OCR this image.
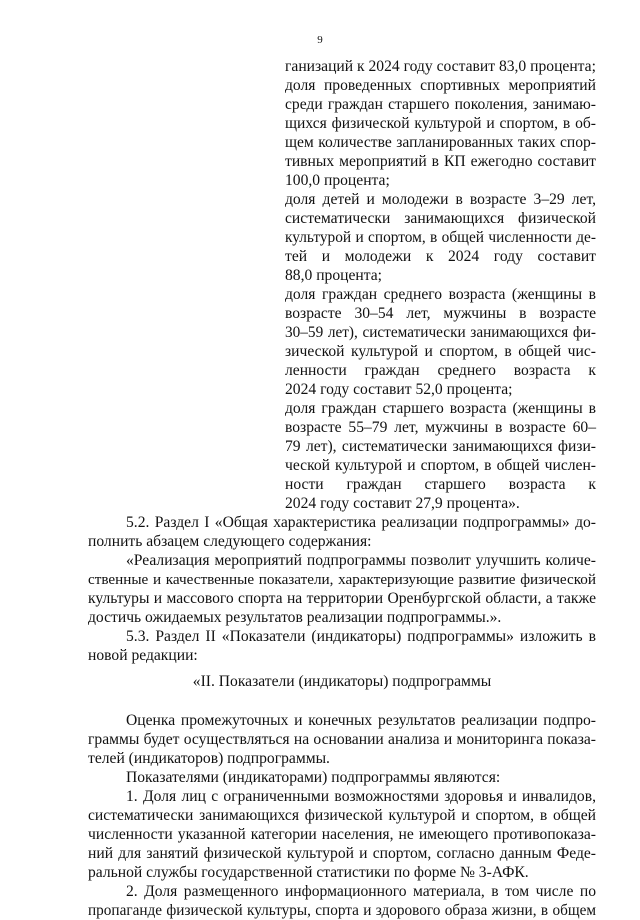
9

ганизаций к 2024 году составит 83,0 процента;

доля проведенных спортивных мероприятий

среди граждан старшего поколения, занимаю-

щихся физической культурой и спортом, в об-

щем количестве запланированных таких спор-

тивных мероприятий в КП ежегодно составит

100,0 процента;

доля детей и молодежи в возрасте 3–29 лет,

систематически занимающихся физической

культурой и спортом, в общей численности де-

тей и молодежи к 2024 году составит

88,0 процента;

доля граждан среднего возраста (женщины в

возрасте 30–54 лет, мужчины в возрасте

30–59 лет), систематически занимающихся фи-

зической культурой и спортом, в общей чис-

ленности граждан среднего возраста к

2024 году составит 52,0 процента;

доля граждан старшего возраста (женщины в

возрасте 55–79 лет, мужчины в возрасте 60–

79 лет), систематически занимающихся физи-

ческой культурой и спортом, в общей числен-

ности граждан старшего возраста к

2024 году составит 27,9 процента».

5.2. Раздел I «Общая характеристика реализации подпрограммы» до-

полнить абзацем следующего содержания:

«Реализация мероприятий подпрограммы позволит улучшить количе-

ственные и качественные показатели, характеризующие развитие физической

культуры и массового спорта на территории Оренбургской области, а также

достичь ожидаемых результатов реализации подпрограммы.».

5.3. Раздел II «Показатели (индикаторы) подпрограммы» изложить в

новой редакции:

«II. Показатели (индикаторы) подпрограммы

Оценка промежуточных и конечных результатов реализации подпро-

граммы будет осуществляться на основании анализа и мониторинга показа-

телей (индикаторов) подпрограммы.

Показателями (индикаторами) подпрограммы являются:

1. Доля лиц с ограниченными возможностями здоровья и инвалидов,

систематически занимающихся физической культурой и спортом, в общей

численности указанной категории населения, не имеющего противопоказа-

ний для занятий физической культурой и спортом, согласно данным Феде-

ральной службы государственной статистики по форме № 3-АФК.

2. Доля размещенного информационного материала, в том числе по

пропаганде физической культуры, спорта и здорового образа жизни, в общем
